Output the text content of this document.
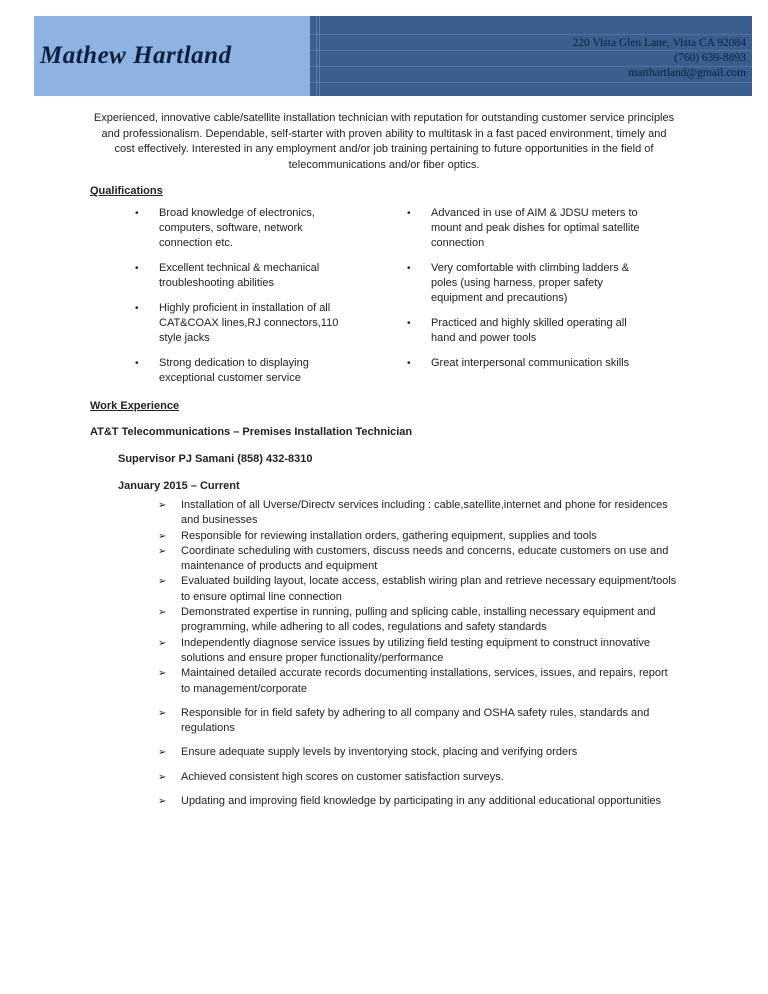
Mathew Hartland	220 Vista Glen Lane, Vista CA 92084
(760) 639-8893
matthartland@gmail.com
Experienced, innovative cable/satellite installation technician with reputation for outstanding customer service principles and professionalism. Dependable, self-starter with proven ability to multitask in a fast paced environment, timely and cost effectively. Interested in any employment and/or job training pertaining to future opportunities in the field of telecommunications and/or fiber optics.
Qualifications
• Broad knowledge of electronics, computers, software, network connection etc.
• Excellent technical & mechanical troubleshooting abilities
• Highly proficient in installation of all CAT&COAX lines,RJ connectors,110 style jacks
• Strong dedication to displaying exceptional customer service
• Advanced in use of AIM & JDSU meters to mount and peak dishes for optimal satellite connection
• Very comfortable with climbing ladders & poles (using harness, proper safety equipment and precautions)
• Practiced and highly skilled operating all hand and power tools
• Great interpersonal communication skills
Work Experience
AT&T Telecommunications – Premises Installation Technician
Supervisor PJ Samani (858) 432-8310
January 2015 – Current
➢ Installation of all Uverse/Directv services including : cable,satellite,internet and phone for residences and businesses
➢ Responsible for reviewing installation orders, gathering equipment, supplies and tools
➢ Coordinate scheduling with customers, discuss needs and concerns, educate customers on use and maintenance of products and equipment
➢ Evaluated building layout, locate access, establish wiring plan and retrieve necessary equipment/tools to ensure optimal line connection
➢ Demonstrated expertise in running, pulling and splicing cable, installing necessary equipment and programming, while adhering to all codes, regulations and safety standards
➢ Independently diagnose service issues by utilizing field testing equipment to construct innovative solutions and ensure proper functionality/performance
➢ Maintained detailed accurate records documenting installations, services, issues, and repairs, report to management/corporate
➢ Responsible for in field safety by adhering to all company and OSHA safety rules, standards and regulations
➢ Ensure adequate supply levels by inventorying stock, placing and verifying orders
➢ Achieved consistent high scores on customer satisfaction surveys.
➢ Updating and improving field knowledge by participating in any additional educational opportunities
